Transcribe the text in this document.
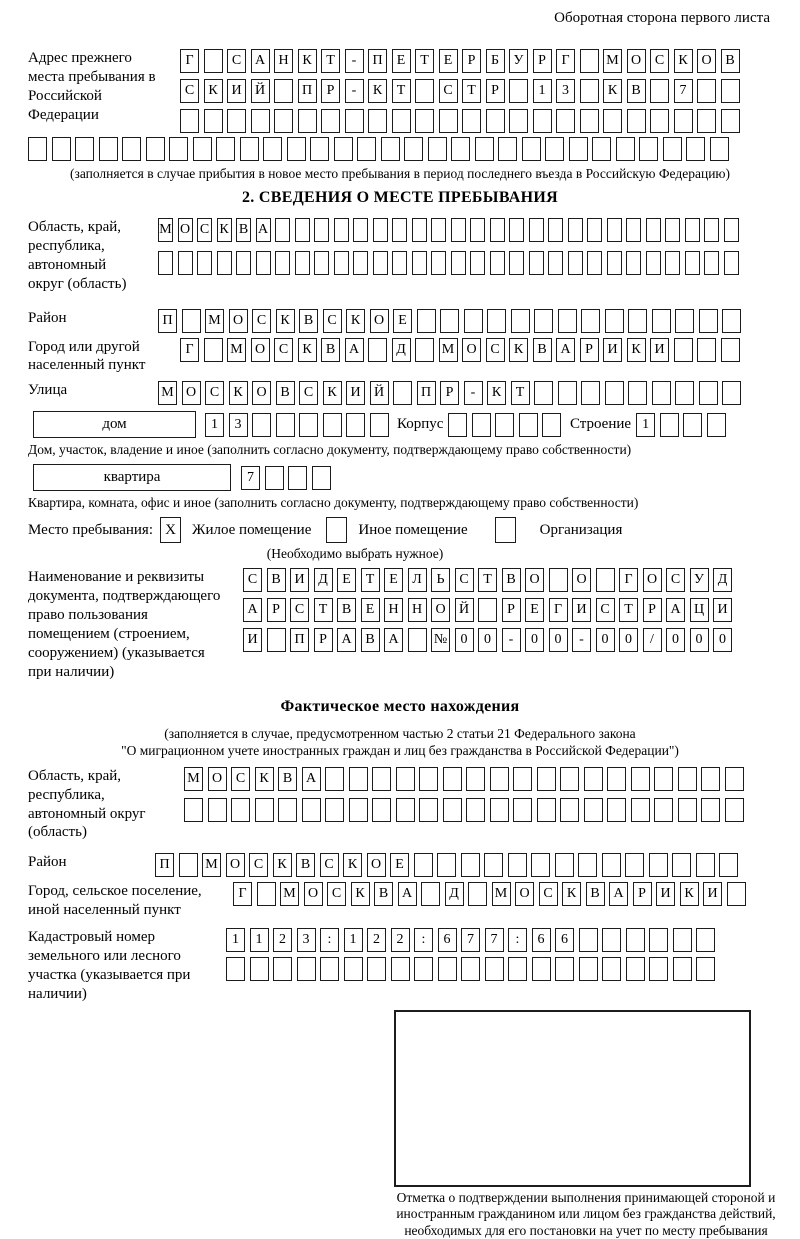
Оборотная сторона первого листа
Адрес прежнего места пребывания в Российской Федерации
Г	С А Н К	Т	-	П	Е	Т	Е	Р	Б	У	Р	Г	М О С	К О В
С	К И Й	П	Р	-	К	Т	С	Т	Р	1	3	К	В	7
(заполняется в случае прибытия в новое место пребывания в период последнего въезда в Российскую Федерацию)
2. СВЕДЕНИЯ О МЕСТЕ ПРЕБЫВАНИЯ
Область, край, республика, автономный округ (область)
М О С К В А
Район	П	М О С	К	В	С	К О	Е
Город или другой населенный пункт
Г	М О С	К	В А	Д	М О С	К	В А	Р	И К И
Улица	М О С	К О В	С	К И Й	П	Р	-	К	Т
дом	1	3	Корпус	Строение 1
Дом, участок, владение и иное (заполнить согласно документу, подтверждающему право собственности)
квартира	7
Квартира, комната, офис и иное (заполнить согласно документу, подтверждающему право собственности)
Место пребывания: X	Жилое помещение	Иное помещение	Организация
(Необходимо выбрать нужное)
Наименование и реквизиты документа, подтверждающего право пользования помещением (строением, сооружением) (указывается при наличии)
С	В И Д	Е	Т	Е	Л	Ь	С	Т	В О	О	Г	О С У Д
А	Р	С	Т	В	Е	Н Н О Й	Р	Е	Г	И С	Т	Р	А Ц И
И	П	Р	А В А	№ 0	0	-	0	0	-	0	0	/	0	0	0
Фактическое место нахождения
(заполняется в случае, предусмотренном частью 2 статьи 21 Федерального закона
"О миграционном учете иностранных граждан и лиц без гражданства в Российской Федерации")
Область, край, республика, автономный округ (область)
М О С	К	В А
Район	П	М О С	К	В	С	К О	Е
Город, сельское поселение, иной населенный пункт
Г	М О С	К	В А	Д	М О С	К	В А	Р	И К И
Кадастровый номер земельного или лесного участка (указывается при наличии)
1	1	2	3	:	1	2	2	:	6	7	7	:	6	6
Отметка о подтверждении выполнения принимающей стороной и иностранным гражданином или лицом без гражданства действий, необходимых для его постановки на учет по месту пребывания
